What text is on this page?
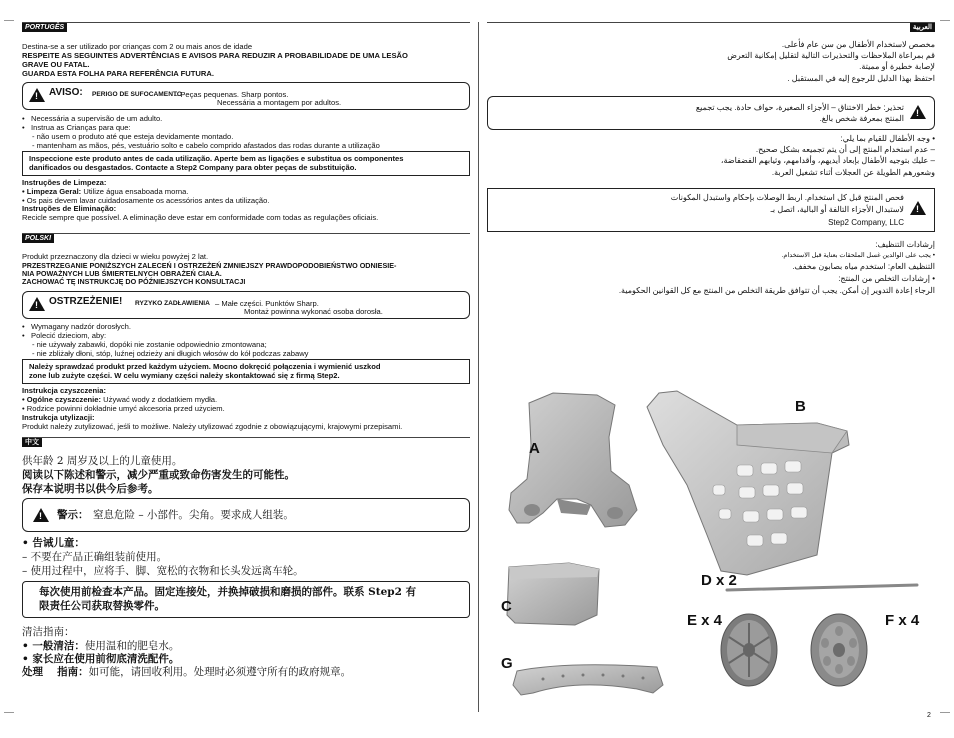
PORTUGÊS
Destina-se a ser utilizado por crianças com 2 ou mais anos de idade
RESPEITE AS SEGUINTES ADVERTÊNCIAS E AVISOS PARA REDUZIR A PROBABILIDADE DE UMA LESÃO
GRAVE OU FATAL.
GUARDA ESTA FOLHA PARA REFERÊNCIA FUTURA.
! AVISO: PERIGO DE SUFOCAMENTO
– Peças pequenas. Sharp pontos.
Necessária a montagem por adultos.
•   Necessária a supervisão de um adulto.
•   Instrua as Crianças para que:
- não usem o produto até que esteja devidamente montado.
- mantenham as mãos, pés, vestuário solto e cabelo comprido afastados das rodas durante a utilização
Inspeccione este produto antes de cada utilização. Aperte bem as ligações e substitua os componentes
danificados ou desgastados. Contacte a Step2 Company para obter peças de substituição.
Instruções de Limpeza:
• Limpeza Geral: Utilize água ensaboada morna.
• Os pais devem lavar cuidadosamente os acessórios antes da utilização.
Instruções de Eliminação:
Recicle sempre que possível. A eliminação deve estar em conformidade com todas as regulações oficiais.
POLSKI
Produkt przeznaczony dla dzieci w wieku powyżej 2 lat.
PRZESTRZEGANIE PONIŻSZYCH ZALECEŃ I OSTRZEŻEŃ ZMNIEJSZY PRAWDOPODOBIEŃSTWO ODNIESIE-
NIA POWAŻNYCH LUB ŚMIERTELNYCH OBRAŻEŃ CIAŁA.
ZACHOWAĆ TĘ INSTRUKCJĘ DO PÓŹNIEJSZYCH KONSULTACJI
! OSTRZEŻENIE! RYZYKO ZADŁAWIENIA – Małe części. Punktów Sharp.
Montaż powinna wykonać osoba dorosła.
•   Wymagany nadzór dorosłych.
•   Polecić dzieciom, aby:
- nie używały zabawki, dopóki nie zostanie odpowiednio zmontowana;
- nie zbliżały dłoni, stóp, luźnej odzieży ani długich włosów do kół podczas zabawy
Należy sprawdzać produkt przed każdym użyciem. Mocno dokręcić połączenia i wymienić uszkod
zone lub zużyte części. W celu wymiany części należy skontaktować się z firmą Step2.
Instrukcja czyszczenia:
• Ogólne czyszczenie: Używać wody z dodatkiem mydła.
• Rodzice powinni dokładnie umyć akcesoria przed użyciem.
Instrukcja utylizacji:
Produkt należy zutylizować, jeśli to możliwe. Należy utylizować zgodnie z obowiązującymi, krajowymi przepisami.
中文
供年龄 2 周岁及以上的儿童使用。
阅读以下陈述和警示，减少严重或致命伤害发生的可能性。
保存本说明书以供今后参考。
! 警示： 窒息危险 – 小部件。尖角。要求成人组装。
• 告诫儿童：
– 不要在产品正确组装前使用。
– 使用过程中，应将手、脚、宽松的衣物和长头发远离车轮。
每次使用前检查本产品。固定连接处，并换掉破损和磨损的部件。联系 Step2 有
限责任公司获取替换零件。
清洁指南：
• 一般清洁：使用温和的肥皂水。
• 家长应在使用前彻底清洗配件。
处理　 指南：如可能，请回收利用。处理时必须遵守所有的政府规章。
العربية
مخصص لاستخدام الأطفال من سن عام فأعلى.
قم بمراعاة الملاحظات والتحذيرات التالية لتقليل إمكانية التعرض
لإصابة خطيرة أو مميتة.
احتفظ بهذا الدليل للرجوع إليه في المستقبل .
!
تحذير: خطر الاختناق – الأجزاء الصغيرة، حواف حادة. يجب تجميع
المنتج بمعرفة شخص بالغ.
• وجه الأطفال للقيام بما يلي:
– عدم استخدام المنتج إلى أن يتم تجميعه بشكل صحيح.
– عليك بتوجيه الأطفال بإبعاد أيديهم، وأقدامهم، وثيابهم الفضفاضة،
وشعورهم الطويلة عن العجلات أثناء تشغيل العربة.
!
فحص المنتج قبل كل استخدام. اربط الوصلات بإحكام واستبدل المكونات
لاستبدال الأجزاء التالفة أو البالية، اتصل بـ
Step2 Company, LLC
إرشادات التنظيف:
• يجب على الوالدين غسل الملحقات بعناية قبل الاستخدام.
التنظيف العام: استخدم مياه بصابون مخفف.
• إرشادات التخلص من المنتج:
الرجاء إعادة التدوير إن أمكن. يجب أن تتوافق طريقة التخلص من المنتج مع كل القوانين الحكومية.
A
B
C
D x 2
E x 4	F x 4
G
2
